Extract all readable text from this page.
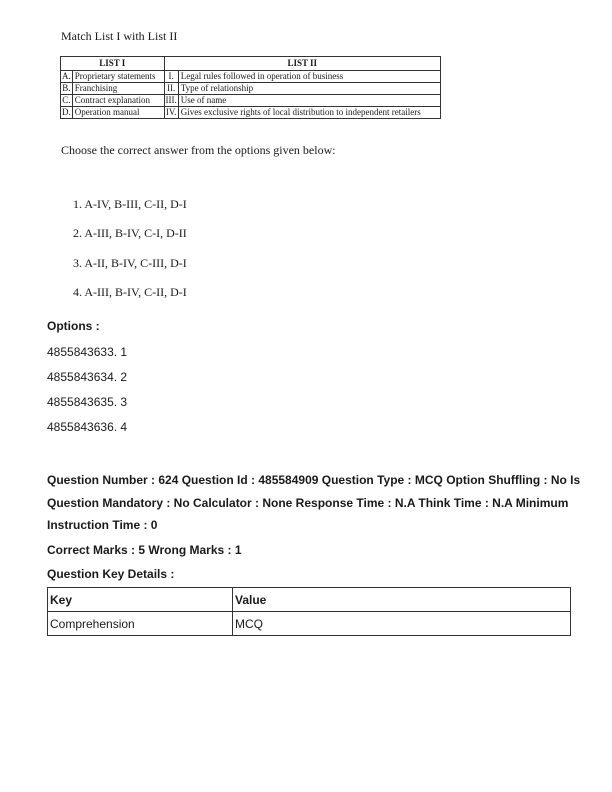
Match List I with List II
LIST I		LIST II	
A.	Proprietary statements	I.	Legal rules followed in operation of business
B.	Franchising	II.	Type of relationship
C.	Contract explanation	III.	Use of name
D.	Operation manual	IV.	Gives exclusive rights of local distribution to independent retailers
Choose the correct answer from the options given below:
1. A-IV, B-III, C-II, D-I
2. A-III, B-IV, C-I, D-II
3. A-II, B-IV, C-III, D-I
4. A-III, B-IV, C-II, D-I
Options :
4855843633. 1
4855843634. 2
4855843635. 3
4855843636. 4
Question Number : 624 Question Id : 485584909 Question Type : MCQ Option Shuffling : No Is
Question Mandatory : No Calculator : None Response Time : N.A Think Time : N.A Minimum
Instruction Time : 0
Correct Marks : 5 Wrong Marks : 1
Question Key Details :
Key	Value
Comprehension	MCQ
